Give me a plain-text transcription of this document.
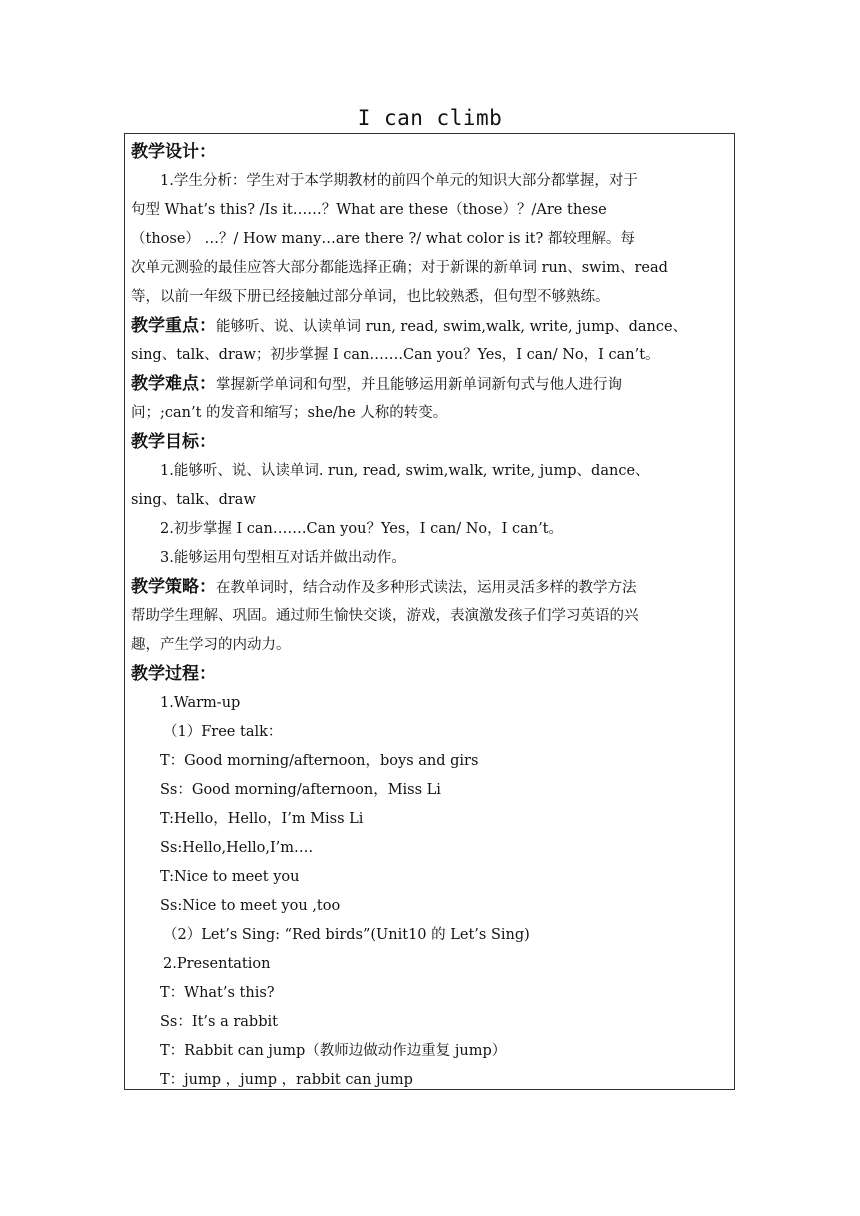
I can climb
教学设计：
1.学生分析：学生对于本学期教材的前四个单元的知识大部分都掌握，对于
句型 What’s this? /Is it……？What are these（those）？/Are these
（those） …？/ How many…are there ?/ what color is it? 都较理解。每
次单元测验的最佳应答大部分都能选择正确；对于新课的新单词 run、swim、read
等，以前一年级下册已经接触过部分单词，也比较熟悉，但句型不够熟练。
教学重点：能够听、说、认读单词 run, read, swim,walk, write, jump、dance、
sing、talk、draw；初步掌握 I can…….Can you？Yes，I can/ No，I can’t。
教学难点：掌握新学单词和句型，并且能够运用新单词新句式与他人进行询
问；;can’t 的发音和缩写；she/he 人称的转变。
教学目标：
1.能够听、说、认读单词. run, read, swim,walk, write, jump、dance、
sing、talk、draw
2.初步掌握 I can…….Can you？Yes，I can/ No，I can’t。
3.能够运用句型相互对话并做出动作。
教学策略：在教单词时，结合动作及多种形式读法，运用灵活多样的教学方法
帮助学生理解、巩固。通过师生愉快交谈，游戏，表演激发孩子们学习英语的兴
趣，产生学习的内动力。
教学过程：
1.Warm-up
（1）Free talk：
T：Good morning/afternoon，boys and girs
Ss：Good morning/afternoon，Miss Li
T:Hello，Hello，I’m Miss Li
Ss:Hello,Hello,I’m….
T:Nice to meet you
Ss:Nice to meet you ,too
（2）Let’s Sing: “Red birds”(Unit10 的 Let’s Sing)
2.Presentation
T：What’s this?
Ss：It’s a rabbit
T：Rabbit can jump（教师边做动作边重复 jump）
T：jump ，jump ，rabbit can jump
